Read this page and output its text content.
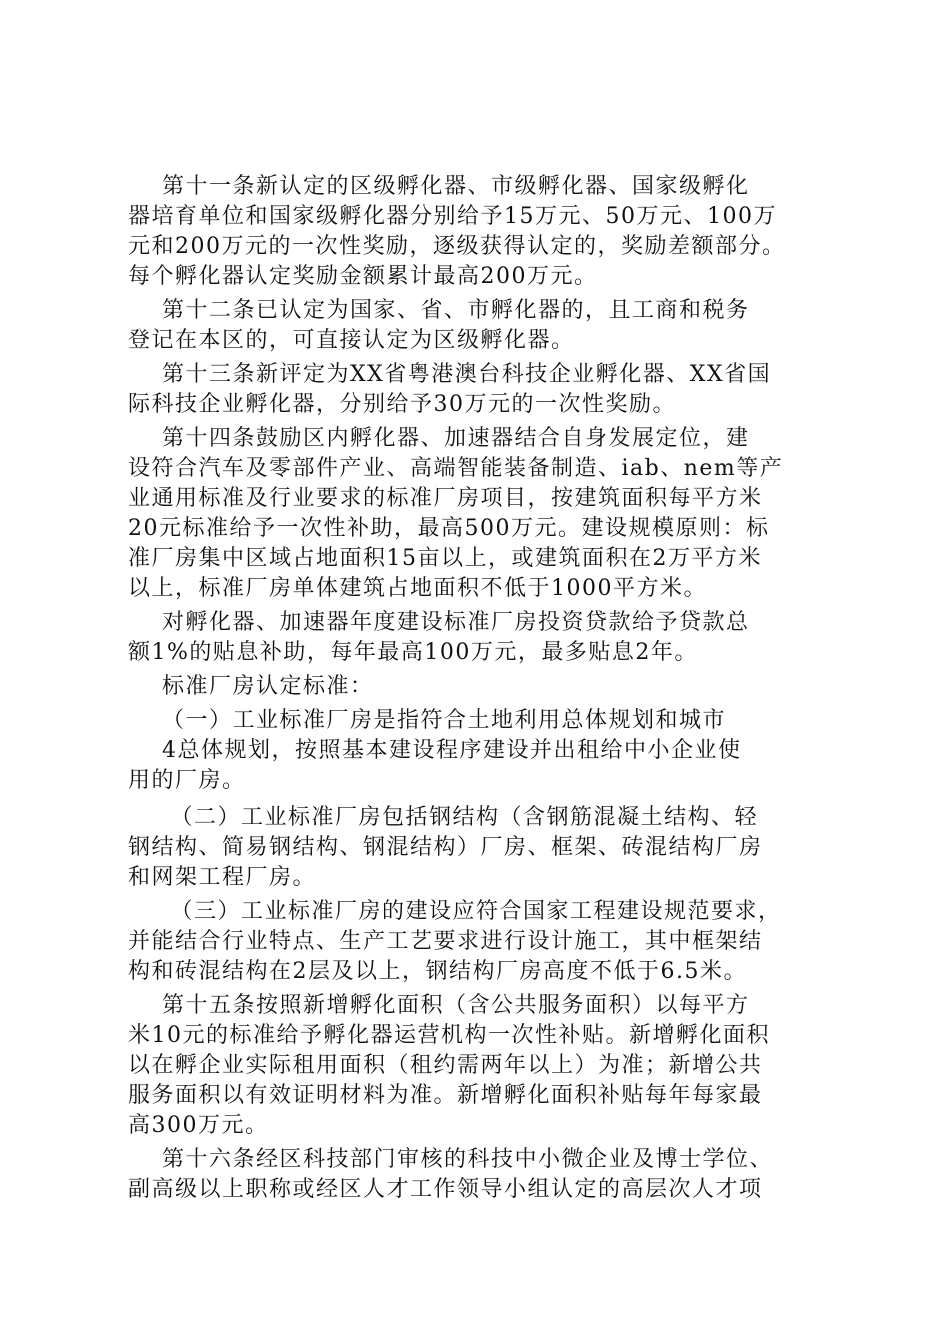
第十一条新认定的区级孵化器、市级孵化器、国家级孵化
器培育单位和国家级孵化器分别给予15万元、50万元、100万
元和200万元的一次性奖励，逐级获得认定的，奖励差额部分。
每个孵化器认定奖励金额累计最高200万元。
第十二条已认定为国家、省、市孵化器的，且工商和税务
登记在本区的，可直接认定为区级孵化器。
第十三条新评定为XX省粤港澳台科技企业孵化器、XX省国
际科技企业孵化器，分别给予30万元的一次性奖励。
第十四条鼓励区内孵化器、加速器结合自身发展定位，建
设符合汽车及零部件产业、高端智能装备制造、iab、nem等产
业通用标准及行业要求的标准厂房项目，按建筑面积每平方米
20元标准给予一次性补助，最高500万元。建设规模原则：标
准厂房集中区域占地面积15亩以上，或建筑面积在2万平方米
以上，标准厂房单体建筑占地面积不低于1000平方米。
对孵化器、加速器年度建设标准厂房投资贷款给予贷款总
额1%的贴息补助，每年最高100万元，最多贴息2年。
标准厂房认定标准：
（一）工业标准厂房是指符合土地利用总体规划和城市
4总体规划，按照基本建设程序建设并出租给中小企业使
用的厂房。
（二）工业标准厂房包括钢结构（含钢筋混凝土结构、轻
钢结构、简易钢结构、钢混结构）厂房、框架、砖混结构厂房
和网架工程厂房。
（三）工业标准厂房的建设应符合国家工程建设规范要求，
并能结合行业特点、生产工艺要求进行设计施工，其中框架结
构和砖混结构在2层及以上，钢结构厂房高度不低于6.5米。
第十五条按照新增孵化面积（含公共服务面积）以每平方
米10元的标准给予孵化器运营机构一次性补贴。新增孵化面积
以在孵企业实际租用面积（租约需两年以上）为准；新增公共
服务面积以有效证明材料为准。新增孵化面积补贴每年每家最
高300万元。
第十六条经区科技部门审核的科技中小微企业及博士学位、
副高级以上职称或经区人才工作领导小组认定的高层次人才项
